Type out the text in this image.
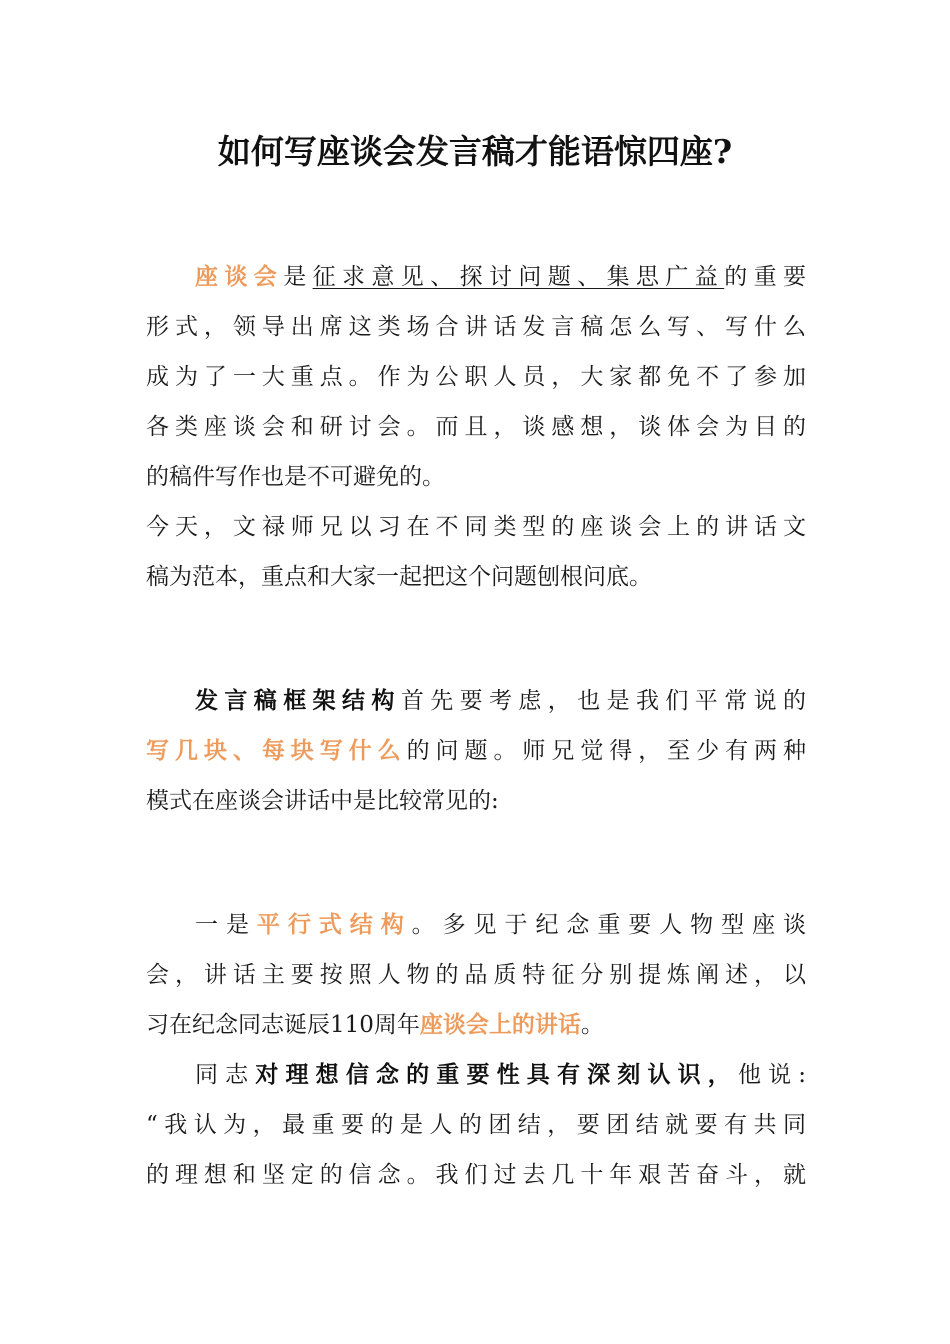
如何写座谈会发言稿才能语惊四座?
座谈会是征求意见、探讨问题、集思广益的重要
形式，领导出席这类场合讲话发言稿怎么写、写什么
成为了一大重点。作为公职人员，大家都免不了参加
各类座谈会和研讨会。而且，谈感想，谈体会为目的
的稿件写作也是不可避免的。
今天，文禄师兄以习在不同类型的座谈会上的讲话文
稿为范本，重点和大家一起把这个问题刨根问底。
发言稿框架结构首先要考虑，也是我们平常说的
写几块、每块写什么的问题。师兄觉得，至少有两种
模式在座谈会讲话中是比较常见的:
一是平行式结构。多见于纪念重要人物型座谈
会，讲话主要按照人物的品质特征分别提炼阐述，以
习在纪念同志诞辰110周年座谈会上的讲话。
同志对理想信念的重要性具有深刻认识，他说:
“我认为，最重要的是人的团结，要团结就要有共同
的理想和坚定的信念。我们过去几十年艰苦奋斗，就
